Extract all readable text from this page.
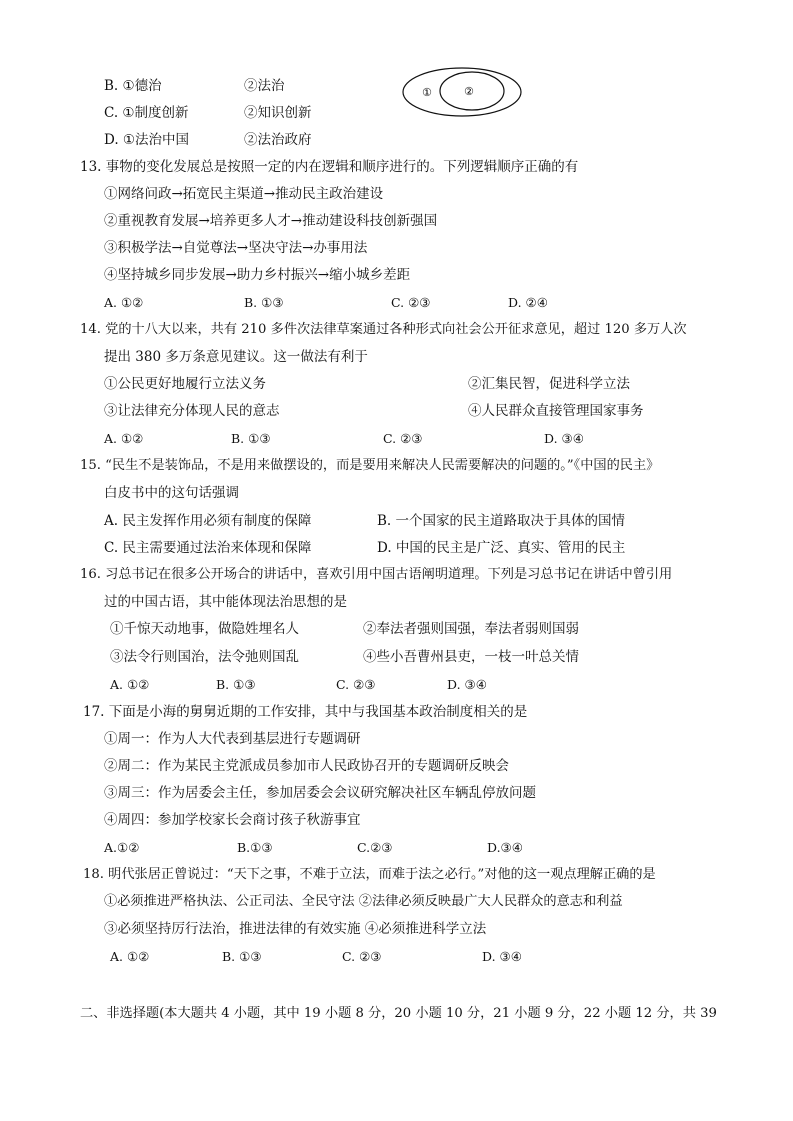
B. ①德治	②法治
C. ①制度创新	②知识创新
D. ①法治中国	②法治政府
①	②
13. 事物的变化发展总是按照一定的内在逻辑和顺序进行的。下列逻辑顺序正确的有
①网络问政→拓宽民主渠道→推动民主政治建设
②重视教育发展→培养更多人才→推动建设科技创新强国
③积极学法→自觉尊法→坚决守法→办事用法
④坚持城乡同步发展→助力乡村振兴→缩小城乡差距
A. ①②	B. ①③	C. ②③	D. ②④
14. 党的十八大以来，共有 210 多件次法律草案通过各种形式向社会公开征求意见，超过 120 多万人次
提出 380 多万条意见建议。这一做法有利于
①公民更好地履行立法义务	②汇集民智，促进科学立法
③让法律充分体现人民的意志	④人民群众直接管理国家事务
A. ①②	B. ①③	C. ②③	D. ③④
15. “民生不是装饰品，不是用来做摆设的，而是要用来解决人民需要解决的问题的。”《中国的民主》
白皮书中的这句话强调
A. 民主发挥作用必须有制度的保障	B. 一个国家的民主道路取决于具体的国情
C. 民主需要通过法治来体现和保障	D. 中国的民主是广泛、真实、管用的民主
16. 习总书记在很多公开场合的讲话中，喜欢引用中国古语阐明道理。下列是习总书记在讲话中曾引用
过的中国古语，其中能体现法治思想的是
①千惊天动地事，做隐姓埋名人	②奉法者强则国强，奉法者弱则国弱
③法令行则国治，法令弛则国乱	④些小吾曹州县吏，一枝一叶总关情
A. ①②	B. ①③	C. ②③	D. ③④
17. 下面是小海的舅舅近期的工作安排，其中与我国基本政治制度相关的是
①周一：作为人大代表到基层进行专题调研
②周二：作为某民主党派成员参加市人民政协召开的专题调研反映会
③周三：作为居委会主任，参加居委会会议研究解决社区车辆乱停放问题
④周四：参加学校家长会商讨孩子秋游事宜
A.①②	B.①③	C.②③	D.③④
18. 明代张居正曾说过：“天下之事，不难于立法，而难于法之必行。”对他的这一观点理解正确的是
①必须推进严格执法、公正司法、全民守法 ②法律必须反映最广大人民群众的意志和利益
③必须坚持厉行法治，推进法律的有效实施 ④必须推进科学立法
A. ①②	B. ①③	C. ②③	D. ③④
二、非选择题(本大题共 4 小题，其中 19 小题 8 分，20 小题 10 分，21 小题 9 分，22 小题 12 分，共 39
